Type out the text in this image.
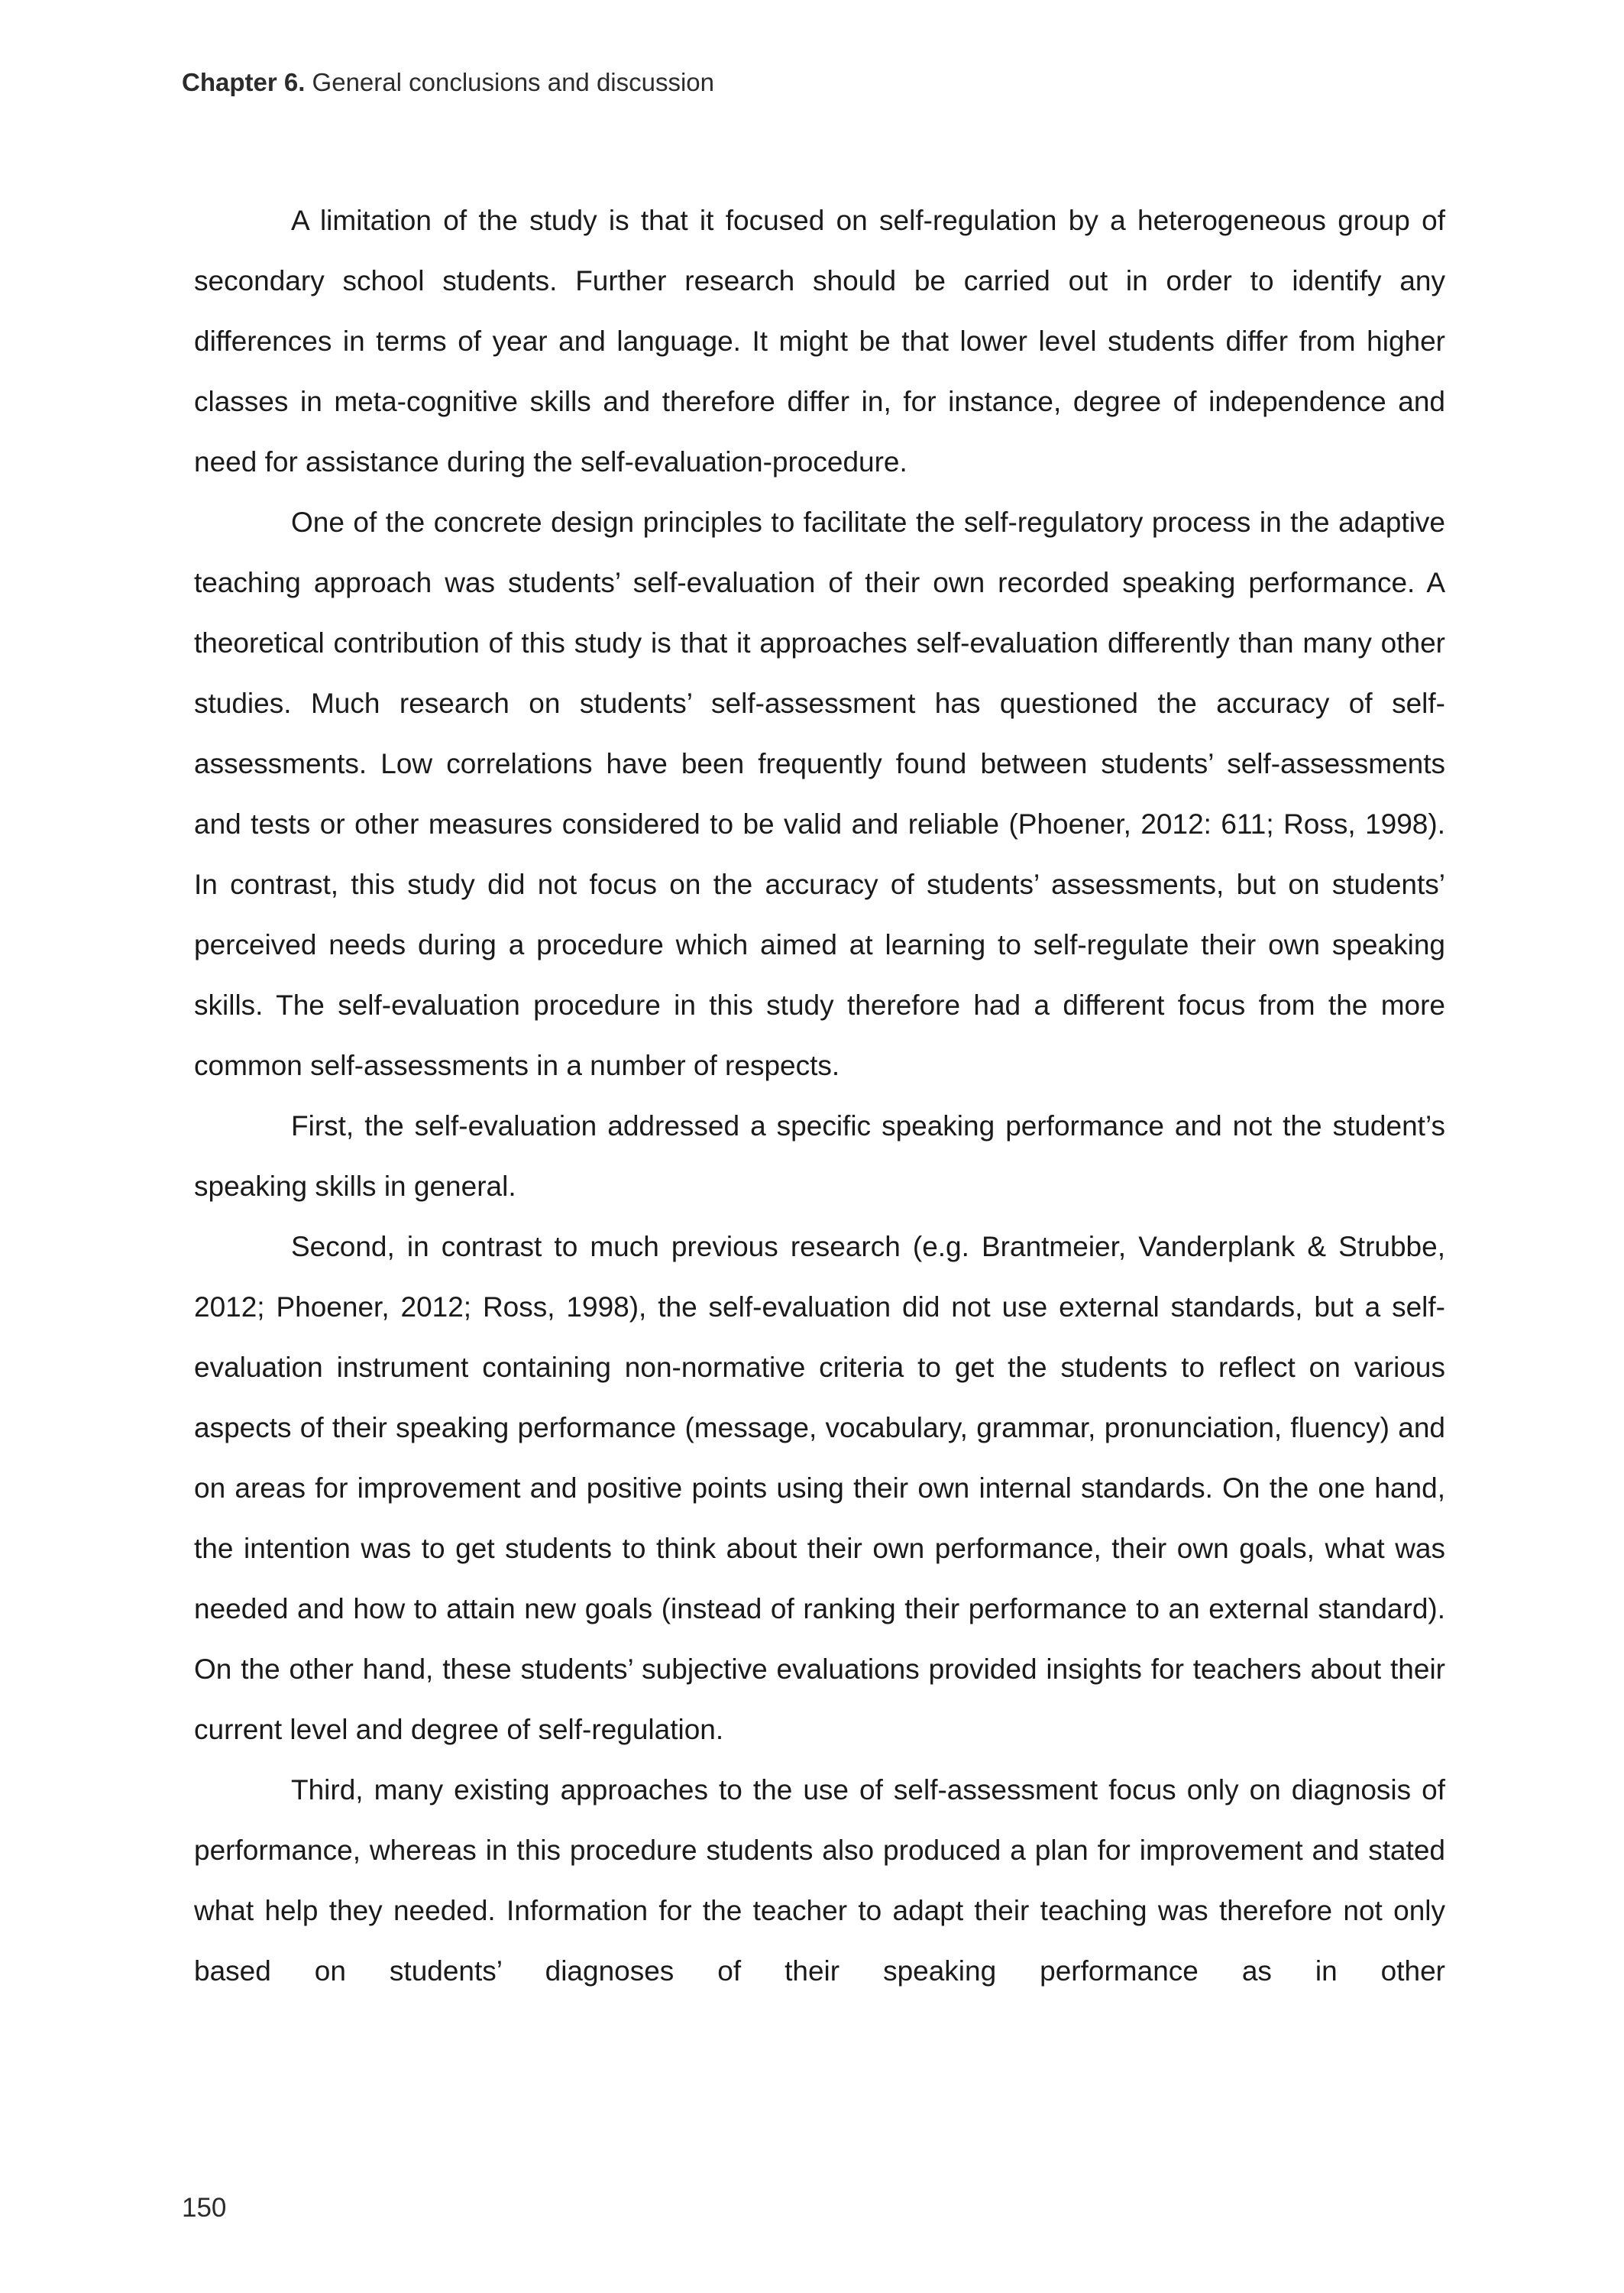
Chapter 6. General conclusions and discussion

A limitation of the study is that it focused on self-regulation by a heterogeneous group of secondary school students. Further research should be carried out in order to identify any differences in terms of year and language. It might be that lower level students differ from higher classes in meta-cognitive skills and therefore differ in, for instance, degree of independence and need for assistance during the self-evaluation-procedure.

One of the concrete design principles to facilitate the self-regulatory process in the adaptive teaching approach was students’ self-evaluation of their own recorded speaking performance. A theoretical contribution of this study is that it approaches self-evaluation differently than many other studies. Much research on students’ self-assessment has questioned the accuracy of self-assessments. Low correlations have been frequently found between students’ self-assessments and tests or other measures considered to be valid and reliable (Phoener, 2012: 611; Ross, 1998). In contrast, this study did not focus on the accuracy of students’ assessments, but on students’ perceived needs during a procedure which aimed at learning to self-regulate their own speaking skills. The self-evaluation procedure in this study therefore had a different focus from the more common self-assessments in a number of respects.

First, the self-evaluation addressed a specific speaking performance and not the student’s speaking skills in general.

Second, in contrast to much previous research (e.g. Brantmeier, Vanderplank & Strubbe, 2012; Phoener, 2012; Ross, 1998), the self-evaluation did not use external standards, but a self-evaluation instrument containing non-normative criteria to get the students to reflect on various aspects of their speaking performance (message, vocabulary, grammar, pronunciation, fluency) and on areas for improvement and positive points using their own internal standards. On the one hand, the intention was to get students to think about their own performance, their own goals, what was needed and how to attain new goals (instead of ranking their performance to an external standard). On the other hand, these students’ subjective evaluations provided insights for teachers about their current level and degree of self-regulation.

Third, many existing approaches to the use of self-assessment focus only on diagnosis of performance, whereas in this procedure students also produced a plan for improvement and stated what help they needed. Information for the teacher to adapt their teaching was therefore not only based on students’ diagnoses of their speaking performance as in other

150
